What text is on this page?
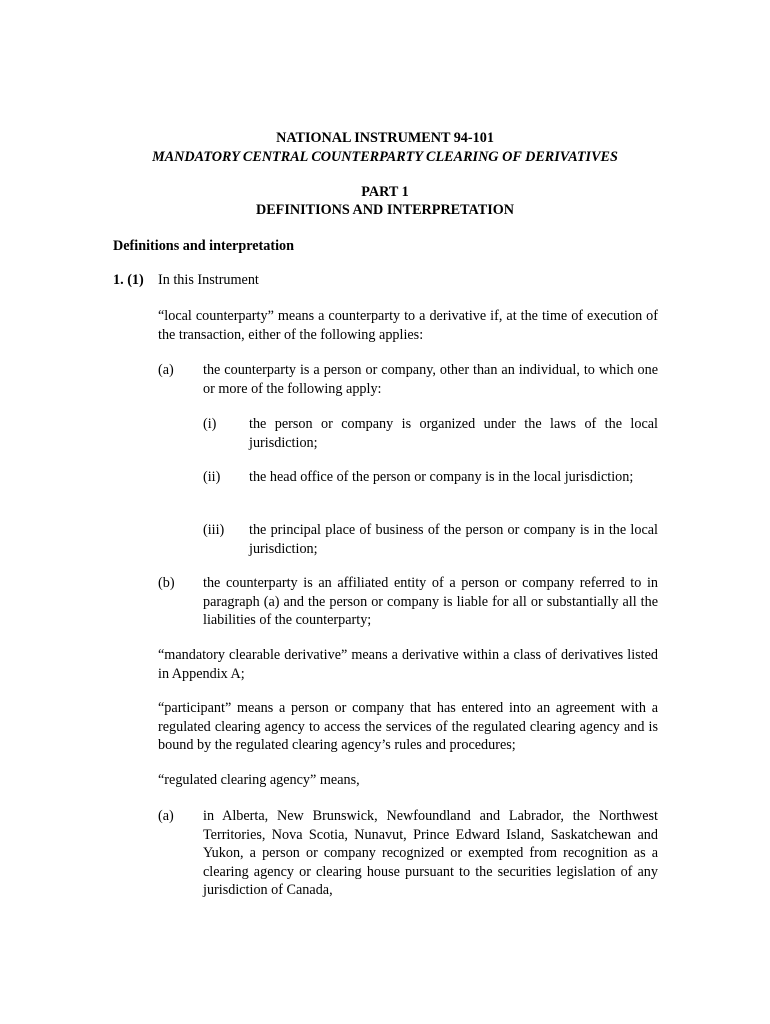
NATIONAL INSTRUMENT 94-101
MANDATORY CENTRAL COUNTERPARTY CLEARING OF DERIVATIVES
PART 1
DEFINITIONS AND INTERPRETATION
Definitions and interpretation
1. (1) In this Instrument
“local counterparty” means a counterparty to a derivative if, at the time of execution of the transaction, either of the following applies:
(a) the counterparty is a person or company, other than an individual, to which one or more of the following apply:
(i) the person or company is organized under the laws of the local jurisdiction;
(ii) the head office of the person or company is in the local jurisdiction;
(iii) the principal place of business of the person or company is in the local jurisdiction;
(b) the counterparty is an affiliated entity of a person or company referred to in paragraph (a) and the person or company is liable for all or substantially all the liabilities of the counterparty;
“mandatory clearable derivative” means a derivative within a class of derivatives listed in Appendix A;
“participant” means a person or company that has entered into an agreement with a regulated clearing agency to access the services of the regulated clearing agency and is bound by the regulated clearing agency’s rules and procedures;
“regulated clearing agency” means,
(a) in Alberta, New Brunswick, Newfoundland and Labrador, the Northwest Territories, Nova Scotia, Nunavut, Prince Edward Island, Saskatchewan and Yukon, a person or company recognized or exempted from recognition as a clearing agency or clearing house pursuant to the securities legislation of any jurisdiction of Canada,
